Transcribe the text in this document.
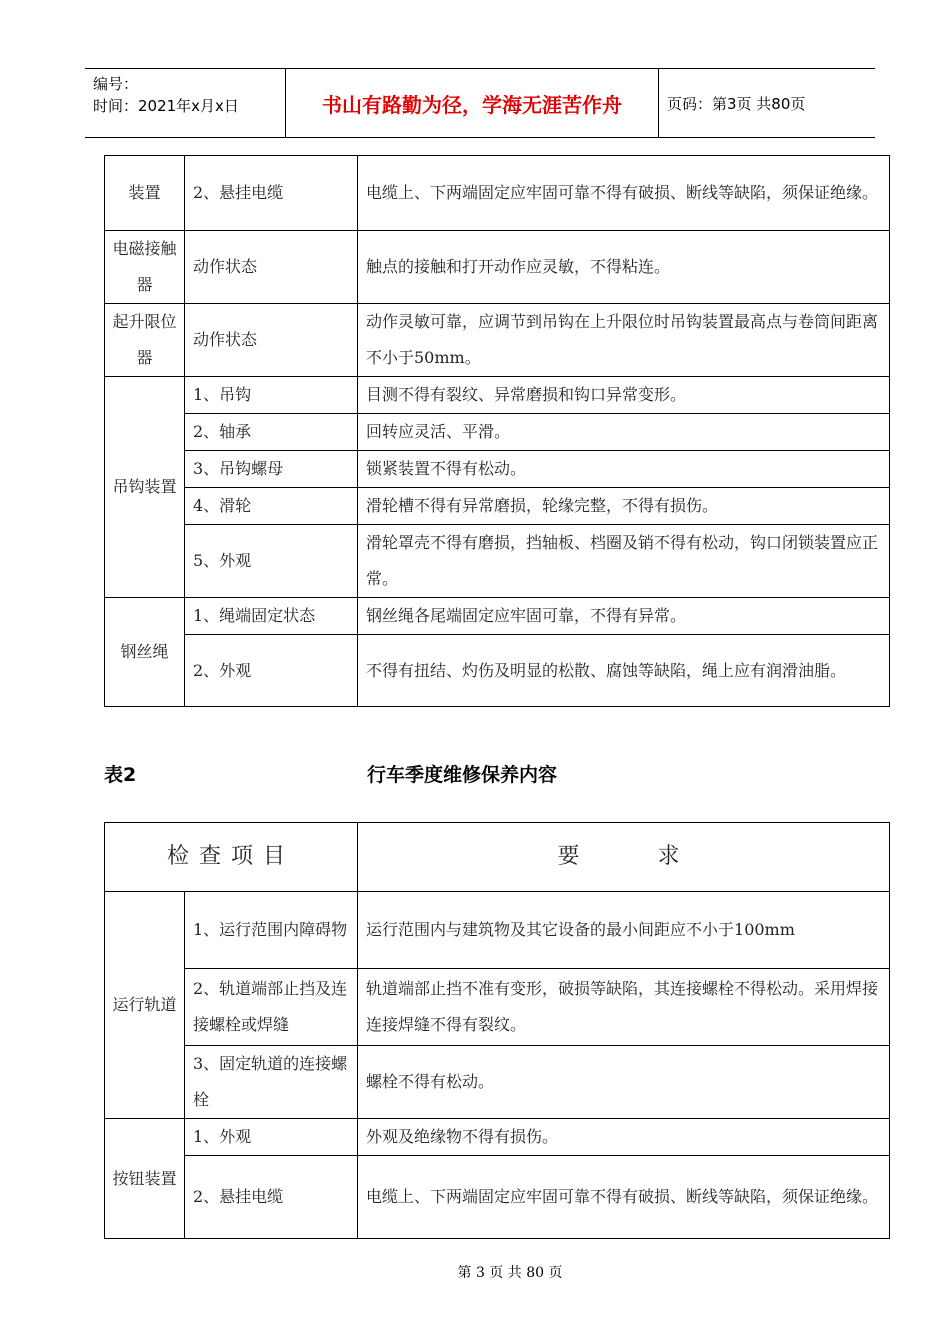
编号：
时间：2021年x月x日	书山有路勤为径，学海无涯苦作舟	页码：第3页 共80页
装置	2、悬挂电缆	电缆上、下两端固定应牢固可靠不得有破损、断线等缺陷，须保证绝缘。
电磁接触器	动作状态	触点的接触和打开动作应灵敏，不得粘连。
起升限位器	动作状态	动作灵敏可靠，应调节到吊钩在上升限位时吊钩装置最高点与卷筒间距离不小于50mm。
吊钩装置	1、吊钩	目测不得有裂纹、异常磨损和钩口异常变形。
	2、轴承	回转应灵活、平滑。
	3、吊钩螺母	锁紧装置不得有松动。
	4、滑轮	滑轮槽不得有异常磨损，轮缘完整，不得有损伤。
	5、外观	滑轮罩壳不得有磨损，挡轴板、档圈及销不得有松动，钩口闭锁装置应正常。
钢丝绳	1、绳端固定状态	钢丝绳各尾端固定应牢固可靠，不得有异常。
	2、外观	不得有扭结、灼伤及明显的松散、腐蚀等缺陷，绳上应有润滑油脂。
表2	行车季度维修保养内容
检查项目		要    求
运行轨道	1、运行范围内障碍物	运行范围内与建筑物及其它设备的最小间距应不小于100mm
	2、轨道端部止挡及连接螺栓或焊缝	轨道端部止挡不准有变形，破损等缺陷，其连接螺栓不得松动。采用焊接连接焊缝不得有裂纹。
	3、固定轨道的连接螺栓	螺栓不得有松动。
按钮装置	1、外观	外观及绝缘物不得有损伤。
	2、悬挂电缆	电缆上、下两端固定应牢固可靠不得有破损、断线等缺陷，须保证绝缘。
第 3 页 共 80 页
